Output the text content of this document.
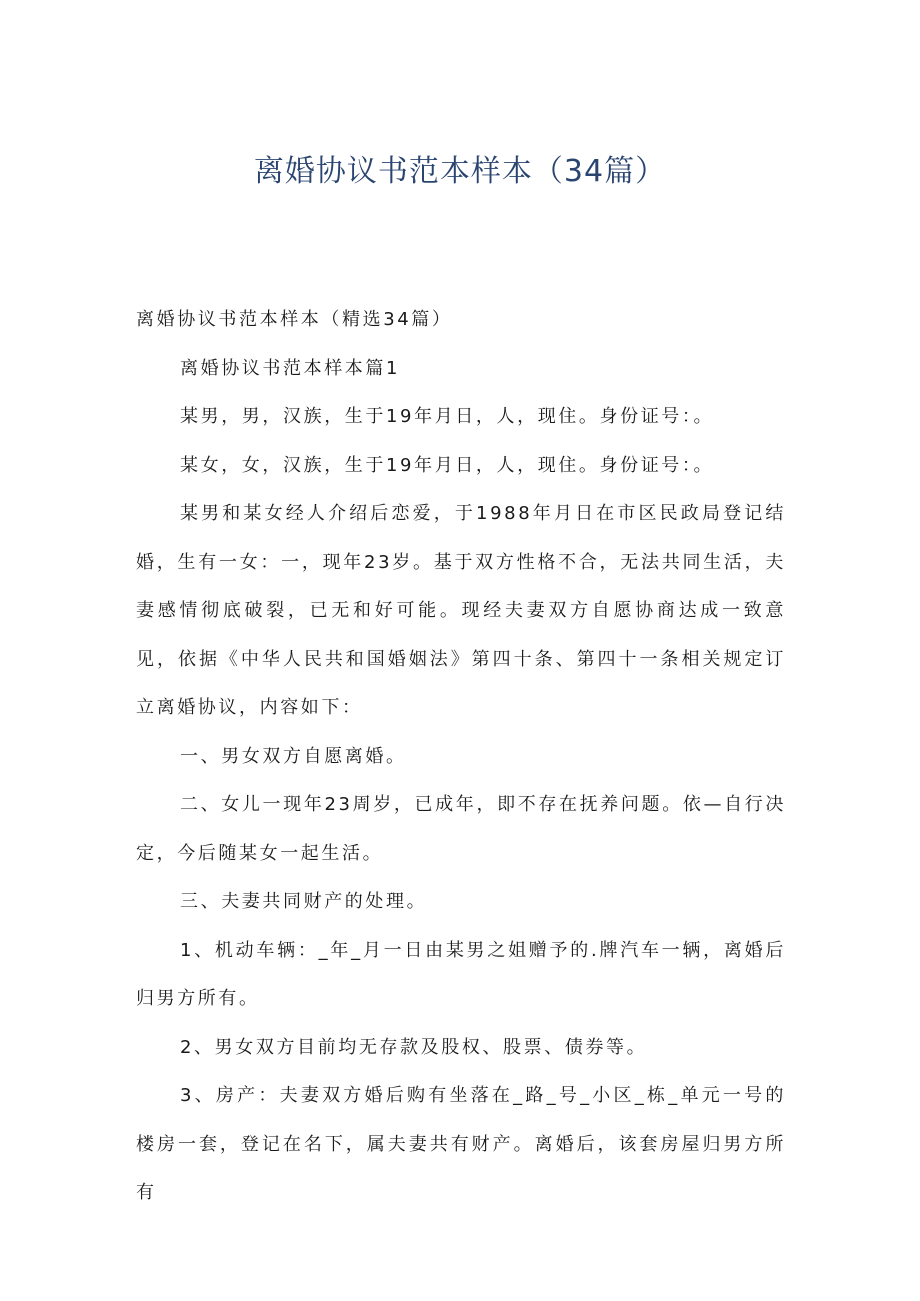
离婚协议书范本样本（34篇）

离婚协议书范本样本（精选34篇）

离婚协议书范本样本篇1

某男，男，汉族，生于19年月日，人，现住。身份证号：。

某女，女，汉族，生于19年月日，人，现住。身份证号：。

某男和某女经人介绍后恋爱，于1988年月日在市区民政局登记结婚，生有一女：一，现年23岁。基于双方性格不合，无法共同生活，夫妻感情彻底破裂，已无和好可能。现经夫妻双方自愿协商达成一致意见，依据《中华人民共和国婚姻法》第四十条、第四十一条相关规定订立离婚协议，内容如下：

一、男女双方自愿离婚。

二、女儿一现年23周岁，已成年，即不存在抚养问题。依—自行决定，今后随某女一起生活。

三、夫妻共同财产的处理。

1、机动车辆：_年_月一日由某男之姐赠予的.牌汽车一辆，离婚后归男方所有。

2、男女双方目前均无存款及股权、股票、债券等。

3、房产：夫妻双方婚后购有坐落在_路_号_小区_栋_单元一号的楼房一套，登记在名下，属夫妻共有财产。离婚后，该套房屋归男方所有
